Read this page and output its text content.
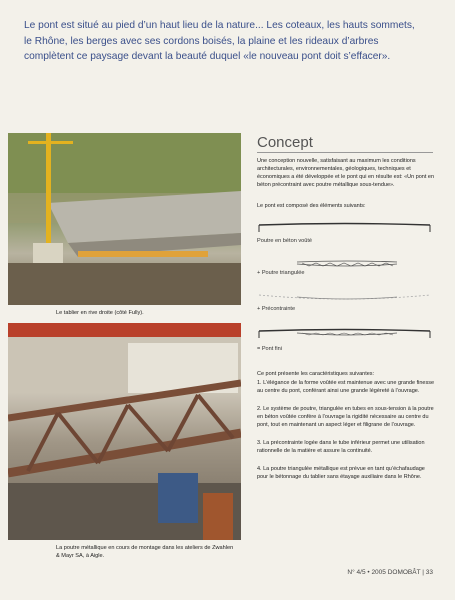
Le pont est situé au pied d’un haut lieu de la nature... Les coteaux, les hauts sommets, le Rhône, les berges avec ses cordons boisés, la plaine et les rideaux d’arbres complètent ce paysage devant la beauté duquel «le nouveau pont doit s’effacer».
Le tablier en rive droite (côté Fully).
La poutre métallique en cours de montage dans les ateliers de Zwahlen & Mayr SA, à Aigle.
Concept
Une conception nouvelle, satisfaisant au maximum les conditions architecturales, environnementales, géologiques, techniques et économiques a été développée et le pont qui en résulte est: «Un pont en béton précontraint avec poutre métallique sous-tendue».
Le pont est composé des éléments suivants:
Poutre en béton voûté
+ Poutre triangulée
+ Précontrainte
= Pont fini
Ce pont présente les caractéristiques suivantes:
1. L’élégance de la forme voûtée est maintenue avec une grande finesse au centre du pont, conférant ainsi une grande légèreté à l’ouvrage.
2. Le système de poutre, triangulée en tubes en sous-tension à la poutre en béton voûtée confère à l’ouvrage la rigidité nécessaire au centre du pont, tout en maintenant un aspect léger et filigrane de l’ouvrage.
3. La précontrainte logée dans le tube inférieur permet une utilisation rationnelle de la matière et assure la continuité.
4. La poutre triangulée métallique est prévue en tant qu’échafaudage pour le bétonnage du tablier sans étayage auxiliaire dans le Rhône.
N° 4/5 • 2005 DOMOBÂT | 33
